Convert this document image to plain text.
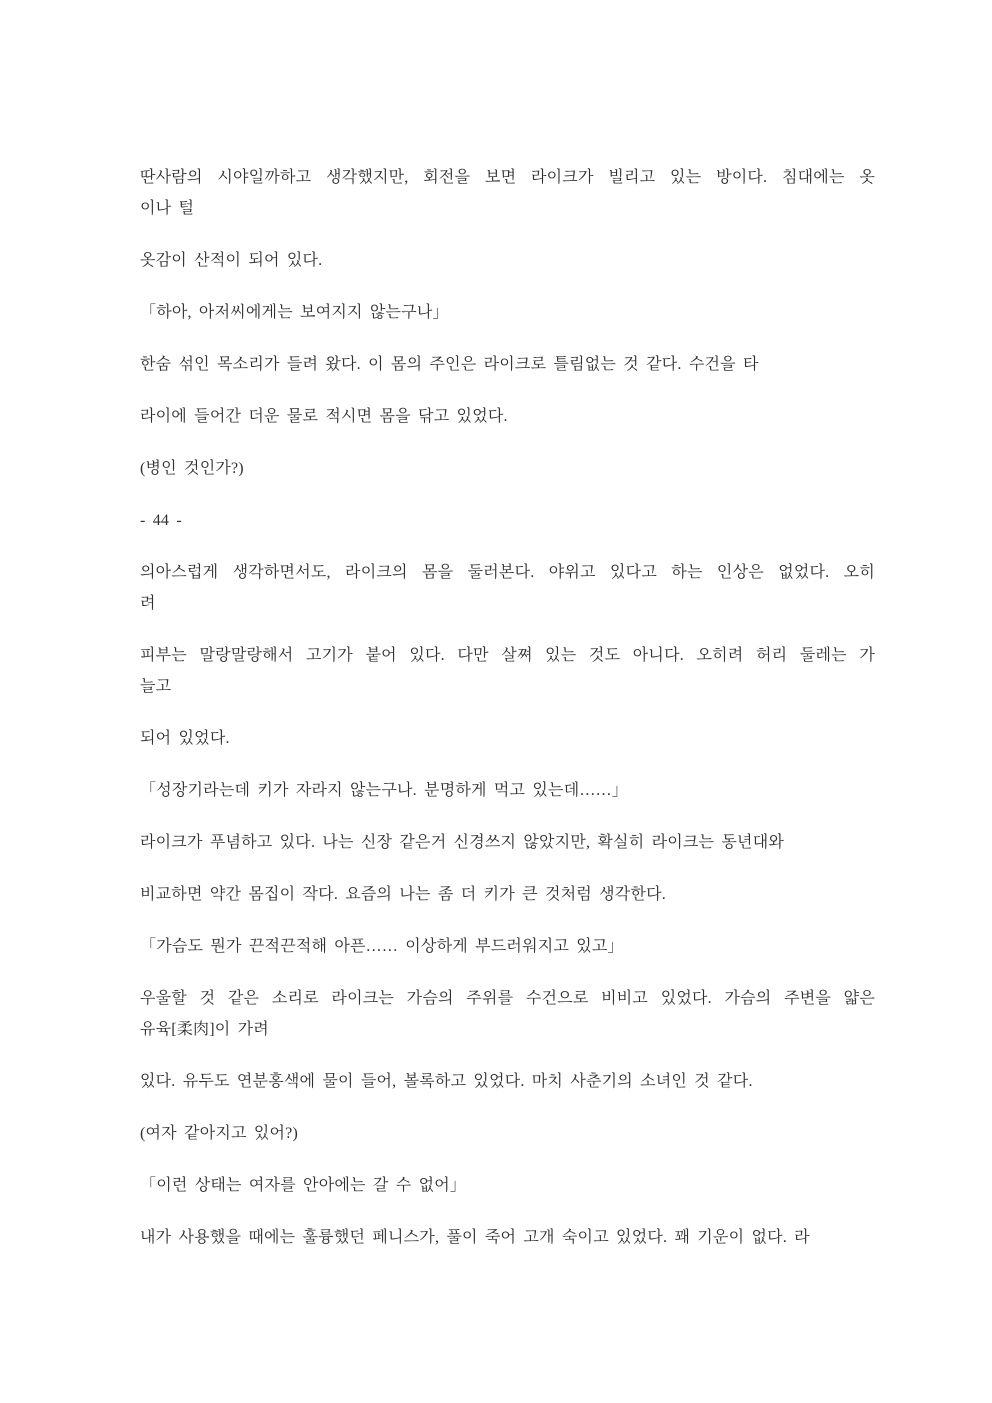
딴사람의 시야일까하고 생각했지만, 회전을 보면 라이크가 빌리고 있는 방이다. 침대에는 옷
이나 털

옷감이 산적이 되어 있다.

「하아, 아저씨에게는 보여지지 않는구나」

한숨 섞인 목소리가 들려 왔다. 이 몸의 주인은 라이크로 틀림없는 것 같다. 수건을 타

라이에 들어간 더운 물로 적시면 몸을 닦고 있었다.

(병인 것인가?)

- 44 -

의아스럽게 생각하면서도, 라이크의 몸을 둘러본다. 야위고 있다고 하는 인상은 없었다. 오히
려

피부는 말랑말랑해서 고기가 붙어 있다. 다만 살쪄 있는 것도 아니다. 오히려 허리 둘레는 가
늘고

되어 있었다.

「성장기라는데 키가 자라지 않는구나. 분명하게 먹고 있는데……」

라이크가 푸념하고 있다. 나는 신장 같은거 신경쓰지 않았지만, 확실히 라이크는 동년대와

비교하면 약간 몸집이 작다. 요즘의 나는 좀 더 키가 큰 것처럼 생각한다.

「가슴도 뭔가 끈적끈적해 아픈…… 이상하게 부드러워지고 있고」

우울할 것 같은 소리로 라이크는 가슴의 주위를 수건으로 비비고 있었다. 가슴의 주변을 얇은
유육[柔肉]이 가려

있다. 유두도 연분홍색에 물이 들어, 볼록하고 있었다. 마치 사춘기의 소녀인 것 같다.

(여자 같아지고 있어?)

「이런 상태는 여자를 안아에는 갈 수 없어」

내가 사용했을 때에는 훌륭했던 페니스가, 풀이 죽어 고개 숙이고 있었다. 꽤 기운이 없다. 라
